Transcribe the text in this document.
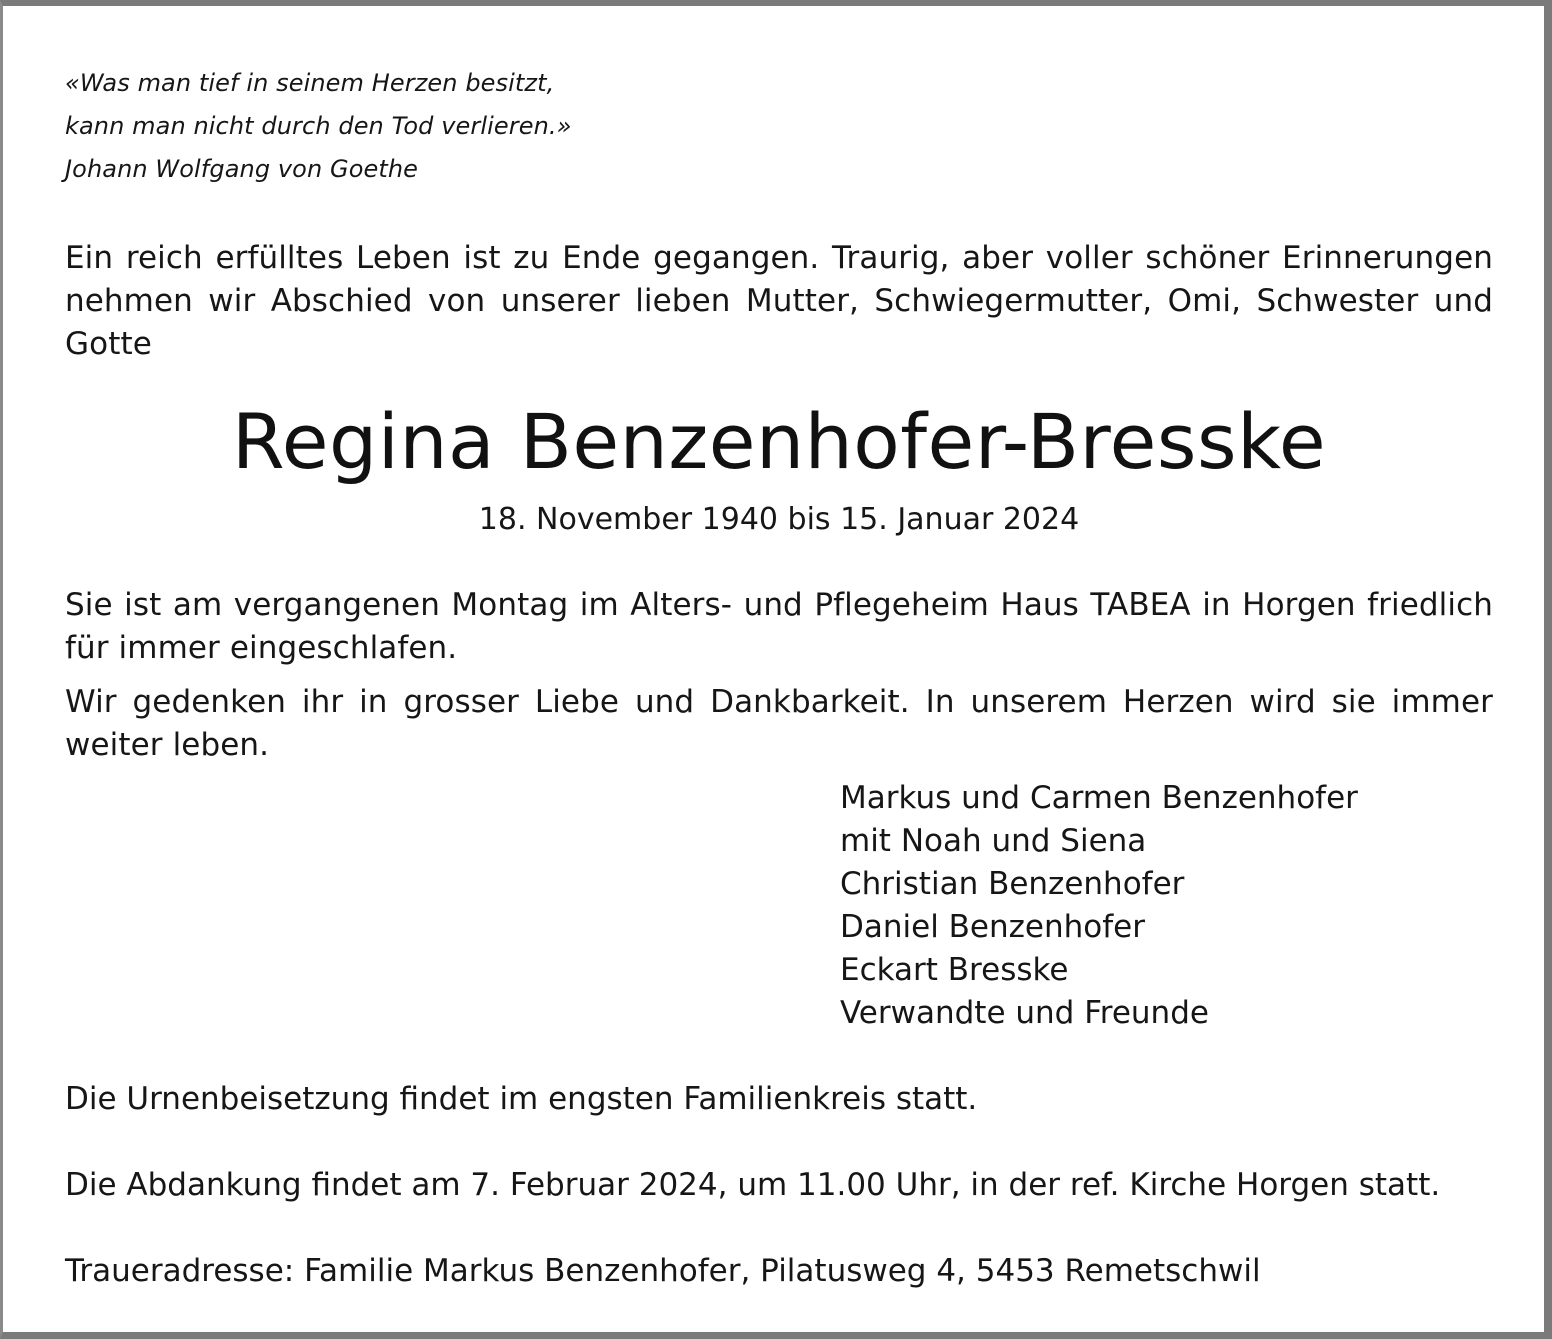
«Was man tief in seinem Herzen besitzt,
kann man nicht durch den Tod verlieren.»
Johann Wolfgang von Goethe
Ein reich erfülltes Leben ist zu Ende gegangen. Traurig, aber voller schöner Erinnerungen nehmen wir Abschied von unserer lieben Mutter, Schwiegermutter, Omi, Schwester und Gotte
Regina Benzenhofer-Bresske
18. November 1940 bis 15. Januar 2024
Sie ist am vergangenen Montag im Alters- und Pflegeheim Haus TABEA in Horgen friedlich für immer eingeschlafen.
Wir gedenken ihr in grosser Liebe und Dankbarkeit. In unserem Herzen wird sie immer weiter leben.
Markus und Carmen Benzenhofer
mit Noah und Siena
Christian Benzenhofer
Daniel Benzenhofer
Eckart Bresske
Verwandte und Freunde
Die Urnenbeisetzung findet im engsten Familienkreis statt.
Die Abdankung findet am 7. Februar 2024, um 11.00 Uhr, in der ref. Kirche Horgen statt.
Traueradresse: Familie Markus Benzenhofer, Pilatusweg 4, 5453 Remetschwil
